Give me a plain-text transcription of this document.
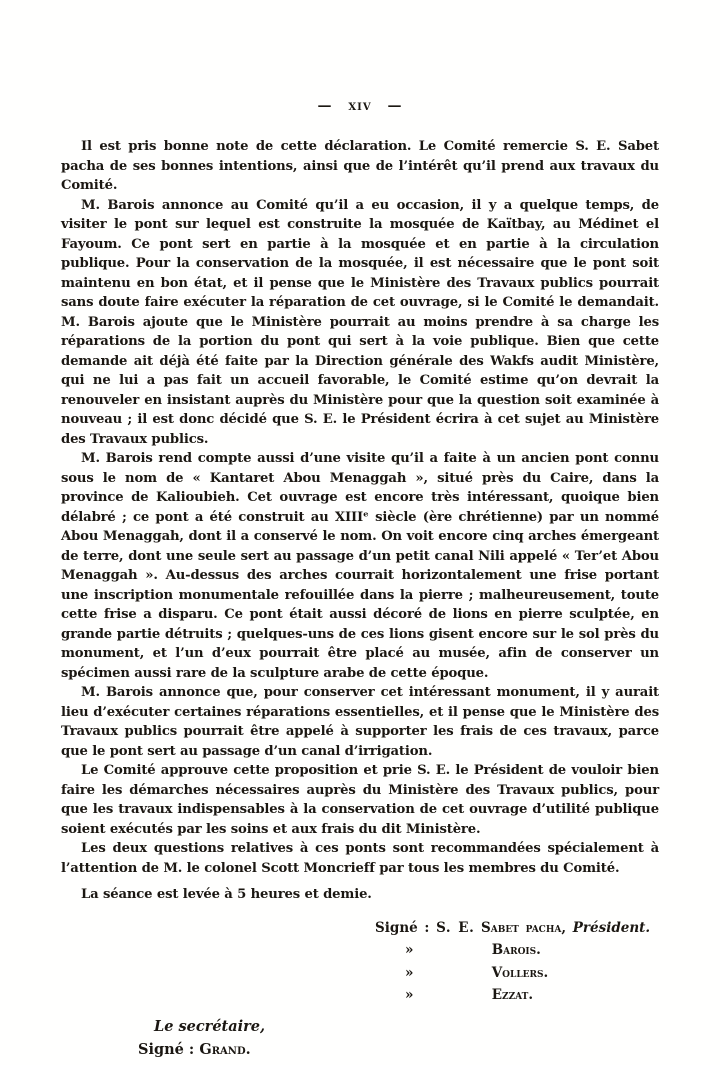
— xiv —

Il est pris bonne note de cette déclaration. Le Comité remercie S. E. Sabet pacha de ses bonnes intentions, ainsi que de l’intérêt qu’il prend aux travaux du Comité.

M. Barois annonce au Comité qu’il a eu occasion, il y a quelque temps, de visiter le pont sur lequel est construite la mosquée de Kaïtbay, au Médinet el Fayoum. Ce pont sert en partie à la mosquée et en partie à la circulation publique. Pour la conservation de la mosquée, il est nécessaire que le pont soit maintenu en bon état, et il pense que le Ministère des Travaux publics pourrait sans doute faire exécuter la réparation de cet ouvrage, si le Comité le demandait. M. Barois ajoute que le Ministère pourrait au moins prendre à sa charge les réparations de la portion du pont qui sert à la voie publique. Bien que cette demande ait déjà été faite par la Direction générale des Wakfs audit Ministère, qui ne lui a pas fait un accueil favorable, le Comité estime qu’on devrait la renouveler en insistant auprès du Ministère pour que la question soit examinée à nouveau ; il est donc décidé que S. E. le Président écrira à cet sujet au Ministère des Travaux publics.

M. Barois rend compte aussi d’une visite qu’il a faite à un ancien pont connu sous le nom de « Kantaret Abou Menaggah », situé près du Caire, dans la province de Kalioubieh. Cet ouvrage est encore très intéressant, quoique bien délabré ; ce pont a été construit au XIIIᵉ siècle (ère chrétienne) par un nommé Abou Menaggah, dont il a conservé le nom. On voit encore cinq arches émergeant de terre, dont une seule sert au passage d’un petit canal Nili appelé « Ter’et Abou Menaggah ». Au-dessus des arches courrait horizontalement une frise portant une inscription monumentale refouillée dans la pierre ; malheureusement, toute cette frise a disparu. Ce pont était aussi décoré de lions en pierre sculptée, en grande partie détruits ; quelques-uns de ces lions gisent encore sur le sol près du monument, et l’un d’eux pourrait être placé au musée, afin de conserver un spécimen aussi rare de la sculpture arabe de cette époque.

M. Barois annonce que, pour conserver cet intéressant monument, il y aurait lieu d’exécuter certaines réparations essentielles, et il pense que le Ministère des Travaux publics pourrait être appelé à supporter les frais de ces travaux, parce que le pont sert au passage d’un canal d’irrigation.

Le Comité approuve cette proposition et prie S. E. le Président de vouloir bien faire les démarches nécessaires auprès du Ministère des Travaux publics, pour que les travaux indispensables à la conservation de cet ouvrage d’utilité publique soient exécutés par les soins et aux frais du dit Ministère.

Les deux questions relatives à ces ponts sont recommandées spécialement à l’attention de M. le colonel Scott Moncrieff par tous les membres du Comité.

La séance est levée à 5 heures et demie.

Signé : S. E. Sabet pacha, Président.
»	Barois.
»	Vollers.
»	Ezzat.
Le secrétaire,
Signé : Grand.
